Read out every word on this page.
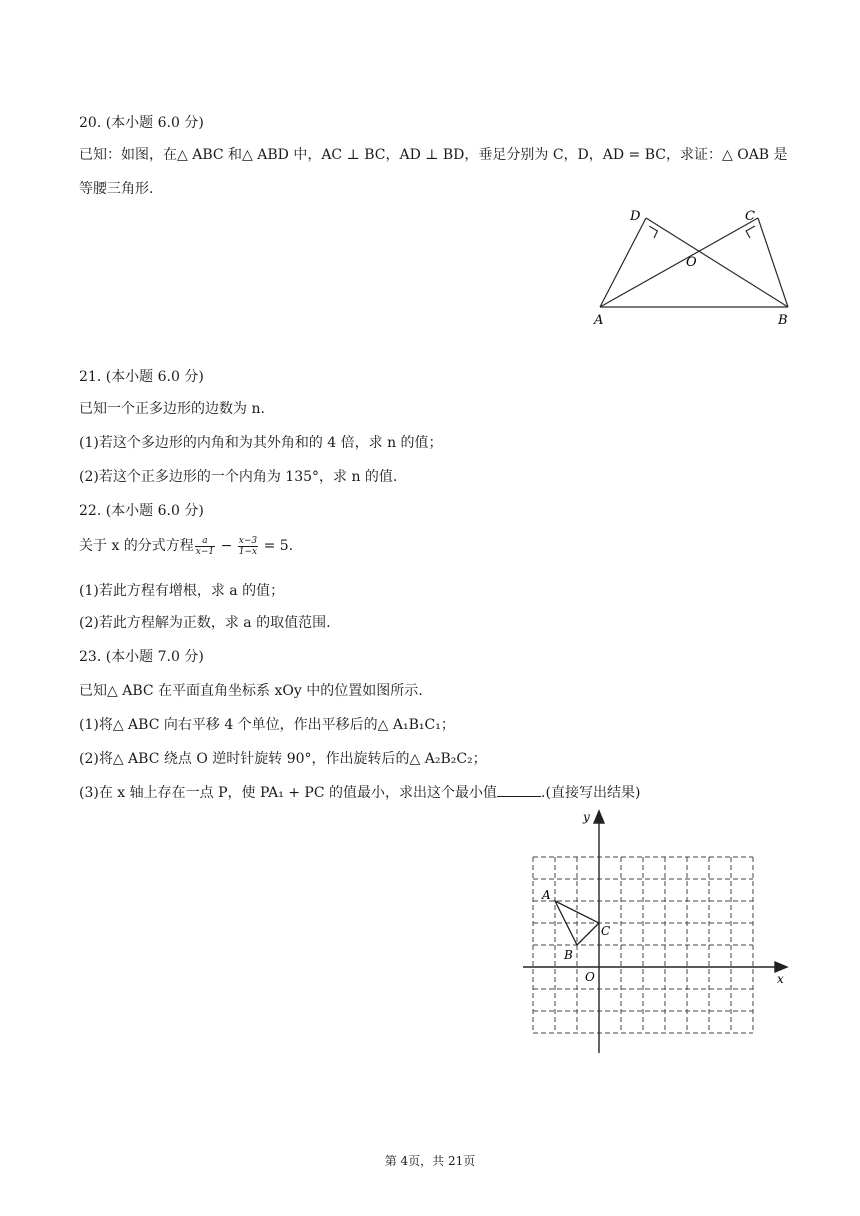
20. (本小题 6.0 分)
已知：如图，在△ ABC 和△ ABD 中，AC ⊥ BC，AD ⊥ BD，垂足分别为 C，D，AD = BC，求证：△ OAB 是
等腰三角形.
D	C
O
A	B
21. (本小题 6.0 分)
已知一个正多边形的边数为 n.
(1)若这个多边形的内角和为其外角和的 4 倍，求 n 的值；
(2)若这个正多边形的一个内角为 135°，求 n 的值.
22. (本小题 6.0 分)
关于 x 的分式方程 $\frac{a}{x-1} - \frac{x-3}{1-x} = 5$.
(1)若此方程有增根，求 a 的值；
(2)若此方程解为正数，求 a 的取值范围.
23. (本小题 7.0 分)
已知△ ABC 在平面直角坐标系 xOy 中的位置如图所示.
(1)将△ ABC 向右平移 4 个单位，作出平移后的△ A₁B₁C₁；
(2)将△ ABC 绕点 O 逆时针旋转 90°，作出旋转后的△ A₂B₂C₂；
(3)在 x 轴上存在一点 P，使 PA₁ + PC 的值最小，求出这个最小值	.(直接写出结果)
y
x
O
A
B
C
第 4页，共 21页
